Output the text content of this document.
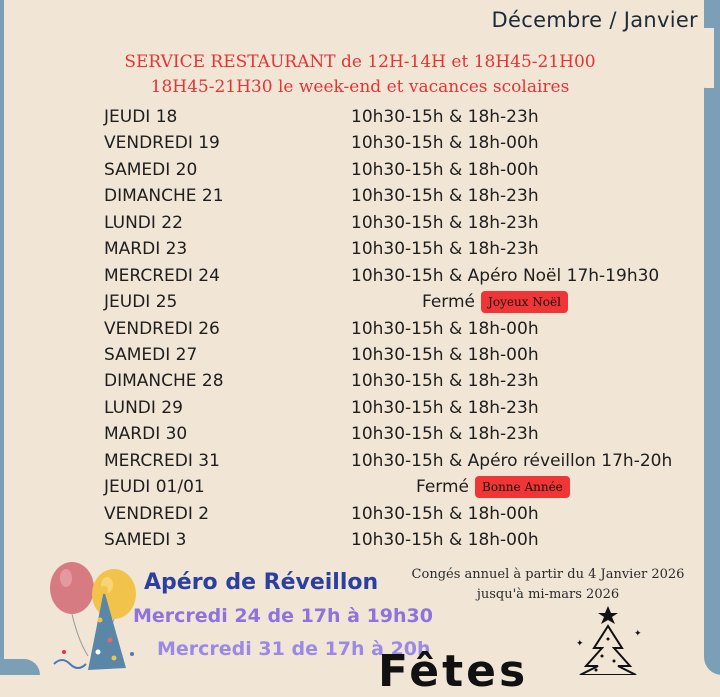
Décembre / Janvier
SERVICE RESTAURANT de 12H-14H et 18H45-21H00
18H45-21H30 le week-end et vacances scolaires
JEUDI 18	10h30-15h & 18h-23h
VENDREDI 19	10h30-15h & 18h-00h
SAMEDI 20	10h30-15h & 18h-00h
DIMANCHE 21	10h30-15h & 18h-23h
LUNDI 22	10h30-15h & 18h-23h
MARDI 23	10h30-15h & 18h-23h
MERCREDI 24	10h30-15h & Apéro Noël 17h-19h30
JEUDI 25	Fermé Joyeux Noël
VENDREDI 26	10h30-15h & 18h-00h
SAMEDI 27	10h30-15h & 18h-00h
DIMANCHE 28	10h30-15h & 18h-23h
LUNDI 29	10h30-15h & 18h-23h
MARDI 30	10h30-15h & 18h-23h
MERCREDI 31	10h30-15h & Apéro réveillon 17h-20h
JEUDI 01/01	Fermé Bonne Année
VENDREDI 2	10h30-15h & 18h-00h
SAMEDI 3	10h30-15h & 18h-00h
Apéro de Réveillon
Mercredi 24 de 17h à 19h30
Mercredi 31 de 17h à 20h
Congés annuel à partir du 4 Janvier 2026
jusqu'à mi-mars 2026
Fêtes
✦
✦
